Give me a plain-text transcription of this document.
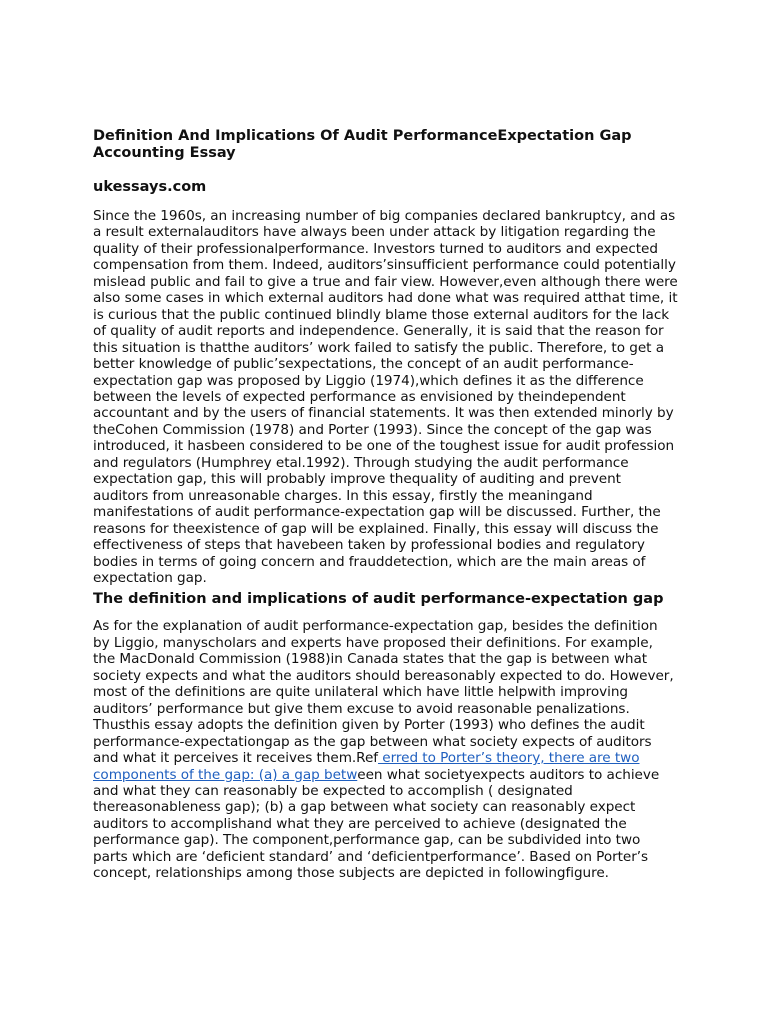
Definition And Implications Of Audit PerformanceExpectation Gap Accounting Essay
ukessays.com

Since the 1960s, an increasing number of big companies declared bankruptcy, and as a result externalauditors have always been under attack by litigation regarding the quality of their professionalperformance. Investors turned to auditors and expected compensation from them. Indeed, auditors’sinsufficient performance could potentially mislead public and fail to give a true and fair view. However,even although there were also some cases in which external auditors had done what was required atthat time, it is curious that the public continued blindly blame those external auditors for the lack of quality of audit reports and independence. Generally, it is said that the reason for this situation is thatthe auditors’ work failed to satisfy the public. Therefore, to get a better knowledge of public’sexpectations, the concept of an audit performance-expectation gap was proposed by Liggio (1974),which defines it as the difference between the levels of expected performance as envisioned by theindependent accountant and by the users of financial statements. It was then extended minorly by theCohen Commission (1978) and Porter (1993). Since the concept of the gap was introduced, it hasbeen considered to be one of the toughest issue for audit profession and regulators (Humphrey etal.1992). Through studying the audit performance expectation gap, this will probably improve thequality of auditing and prevent auditors from unreasonable charges. In this essay, firstly the meaningand manifestations of audit performance-expectation gap will be discussed. Further, the reasons for theexistence of gap will be explained. Finally, this essay will discuss the effectiveness of steps that havebeen taken by professional bodies and regulatory bodies in terms of going concern and frauddetection, which are the main areas of expectation gap.

The definition and implications of audit performance-expectation gap

As for the explanation of audit performance-expectation gap, besides the definition by Liggio, manyscholars and experts have proposed their definitions. For example, the MacDonald Commission (1988)in Canada states that the gap is between what society expects and what the auditors should bereasonably expected to do. However, most of the definitions are quite unilateral which have little helpwith improving auditors’ performance but give them excuse to avoid reasonable penalizations. Thusthis essay adopts the definition given by Porter (1993) who defines the audit performance-expectationgap as the gap between what society expects of auditors and what it perceives it receives them.Ref erred to Porter’s theory, there are two components of the gap: (a) a gap between what societyexpects auditors to achieve and what they can reasonably be expected to accomplish ( designated thereasonableness gap); (b) a gap between what society can reasonably expect auditors to accomplishand what they are perceived to achieve (designated the performance gap). The component,performance gap, can be subdivided into two parts which are ‘deficient standard’ and ‘deficientperformance’. Based on Porter’s concept, relationships among those subjects are depicted in followingfigure.
